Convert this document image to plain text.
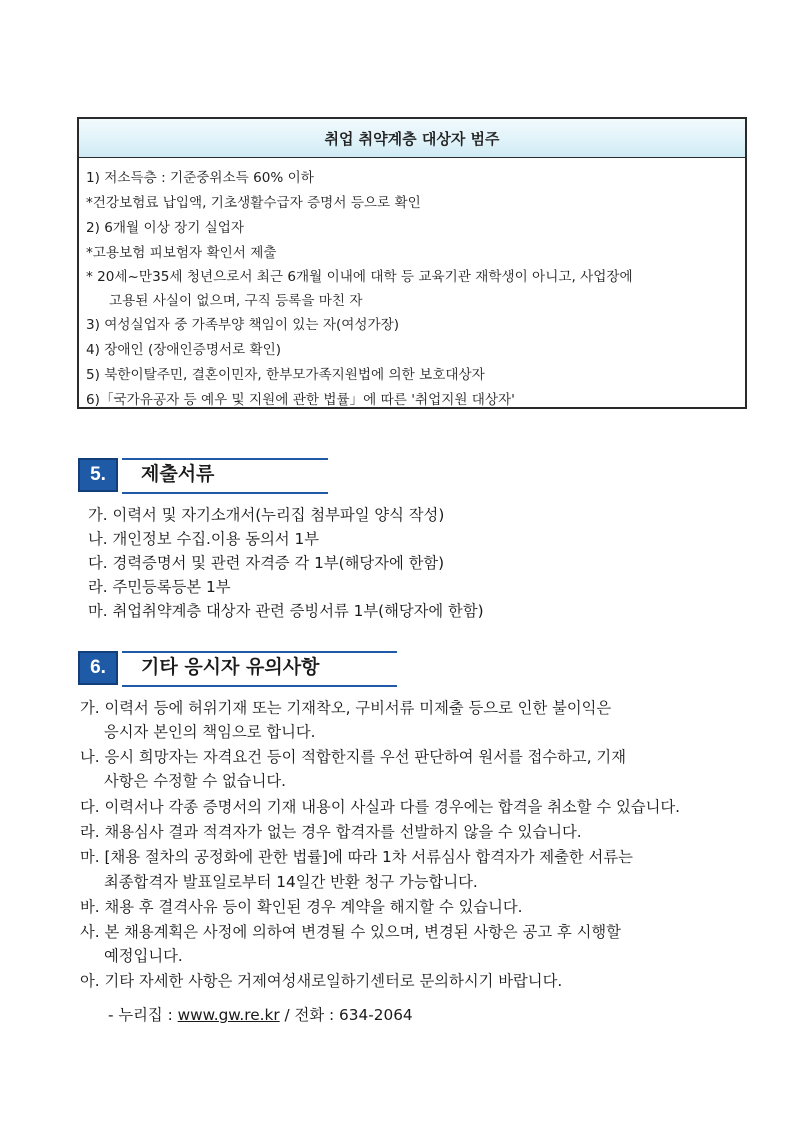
취업 취약계층 대상자 범주
1) 저소득층 : 기준중위소득 60% 이하
*건강보험료 납입액, 기초생활수급자 증명서 등으로 확인
2) 6개월 이상 장기 실업자
*고용보험 피보험자 확인서 제출
* 20세~만35세 청년으로서 최근 6개월 이내에 대학 등 교육기관 재학생이 아니고, 사업장에
고용된 사실이 없으며, 구직 등록을 마친 자
3) 여성실업자 중 가족부양 책임이 있는 자(여성가장)
4) 장애인 (장애인증명서로 확인)
5) 북한이탈주민, 결혼이민자, 한부모가족지원법에 의한 보호대상자
6)「국가유공자 등 예우 및 지원에 관한 법률」에 따른 '취업지원 대상자'
5.	제출서류
가. 이력서 및 자기소개서(누리집 첨부파일 양식 작성)
나. 개인정보 수집.이용 동의서 1부
다. 경력증명서 및 관련 자격증 각 1부(해당자에 한함)
라. 주민등록등본 1부
마. 취업취약계층 대상자 관련 증빙서류 1부(해당자에 한함)
6.	기타 응시자 유의사항
가. 이력서 등에 허위기재 또는 기재착오, 구비서류 미제출 등으로 인한 불이익은
응시자 본인의 책임으로 합니다.
나. 응시 희망자는 자격요건 등이 적합한지를 우선 판단하여 원서를 접수하고, 기재
사항은 수정할 수 없습니다.
다. 이력서나 각종 증명서의 기재 내용이 사실과 다를 경우에는 합격을 취소할 수 있습니다.
라. 채용심사 결과 적격자가 없는 경우 합격자를 선발하지 않을 수 있습니다.
마. [채용 절차의 공정화에 관한 법률]에 따라 1차 서류심사 합격자가 제출한 서류는
최종합격자 발표일로부터 14일간 반환 청구 가능합니다.
바. 채용 후 결격사유 등이 확인된 경우 계약을 해지할 수 있습니다.
사. 본 채용계획은 사정에 의하여 변경될 수 있으며, 변경된 사항은 공고 후 시행할
예정입니다.
아. 기타 자세한 사항은 거제여성새로일하기센터로 문의하시기 바랍니다.
- 누리집 : www.gw.re.kr / 전화 : 634-2064
